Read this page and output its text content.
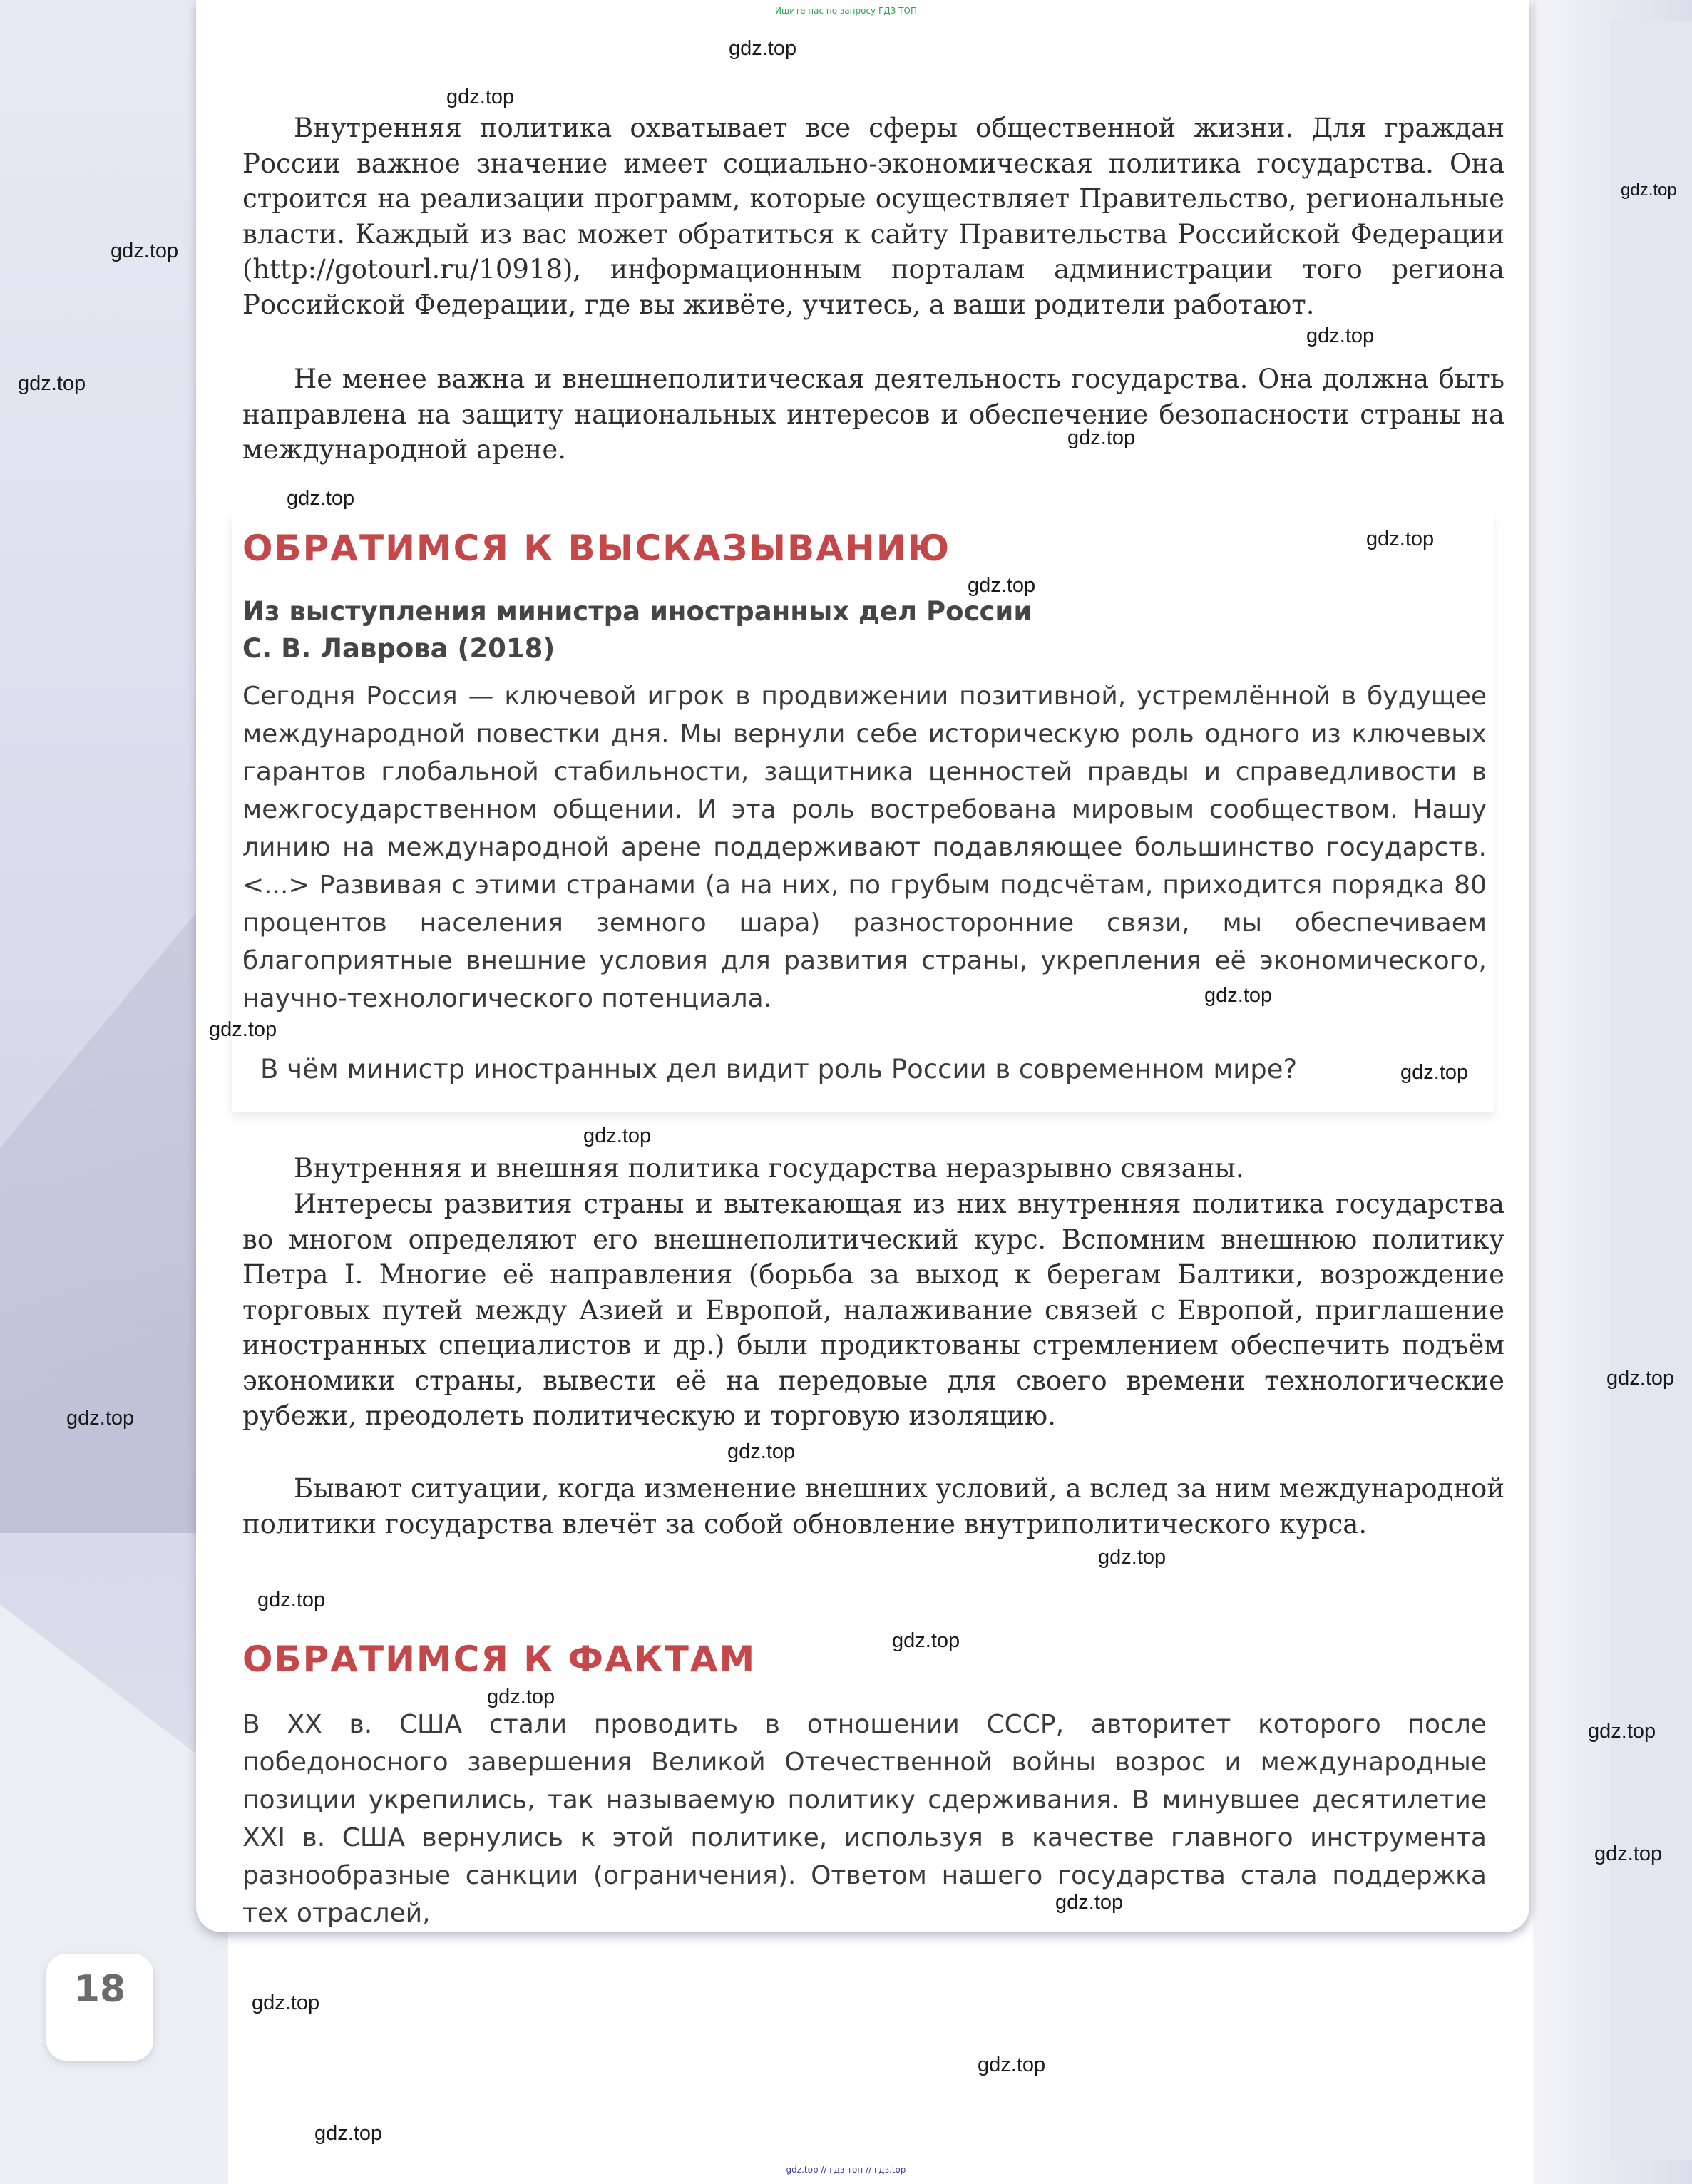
Ищите нас по запросу ГДЗ ТОП

Внутренняя политика охватывает все сферы общественной жизни. Для граждан России важное значение имеет социально-экономическая политика государства. Она строится на реализации программ, которые осуществляет Правительство, региональные власти. Каждый из вас может обратиться к сайту Правительства Российской Федерации (http://gotourl.ru/10918), информационным порталам администрации того региона Российской Федерации, где вы живёте, учитесь, а ваши родители работают.

Не менее важна и внешнеполитическая деятельность государства. Она должна быть направлена на защиту национальных интересов и обеспечение безопасности страны на международной арене.

ОБРАТИМСЯ К ВЫСКАЗЫВАНИЮ
Из выступления министра иностранных дел России
С. В. Лаврова (2018)

Сегодня Россия — ключевой игрок в продвижении позитивной, устремлённой в будущее международной повестки дня. Мы вернули себе историческую роль одного из ключевых гарантов глобальной стабильности, защитника ценностей правды и справедливости в межгосударственном общении. И эта роль востребована мировым сообществом. Нашу линию на международной арене поддерживают подавляющее большинство государств. <...> Развивая с этими странами (а на них, по грубым подсчётам, приходится порядка 80 процентов населения земного шара) разносторонние связи, мы обеспечиваем благоприятные внешние условия для развития страны, укрепления её экономического, научно-технологического потенциала.

В чём министр иностранных дел видит роль России в современном мире?

Внутренняя и внешняя политика государства неразрывно связаны.

Интересы развития страны и вытекающая из них внутренняя политика государства во многом определяют его внешнеполитический курс. Вспомним внешнюю политику Петра I. Многие её направления (борьба за выход к берегам Балтики, возрождение торговых путей между Азией и Европой, налаживание связей с Европой, приглашение иностранных специалистов и др.) были продиктованы стремлением обеспечить подъём экономики страны, вывести её на передовые для своего времени технологические рубежи, преодолеть политическую и торговую изоляцию.

Бывают ситуации, когда изменение внешних условий, а вслед за ним международной политики государства влечёт за собой обновление внутриполитического курса.

ОБРАТИМСЯ К ФАКТАМ

В XX в. США стали проводить в отношении СССР, авторитет которого после победоносного завершения Великой Отечественной войны возрос и международные позиции укрепились, так называемую политику сдерживания. В минувшее десятилетие XXI в. США вернулись к этой политике, используя в качестве главного инструмента разнообразные санкции (ограничения). Ответом нашего государства стала поддержка тех отраслей,

18
gdz.top // гдз топ // гдз.top
gdz.top
gdz.top
gdz.top
gdz.top
gdz.top
gdz.top
gdz.top
gdz.top
gdz.top
gdz.top
gdz.top
gdz.top
gdz.top
gdz.top
gdz.top
gdz.top
gdz.top
gdz.top
gdz.top
gdz.top
gdz.top
gdz.top
gdz.top
gdz.top
gdz.top
gdz.top
gdz.top
